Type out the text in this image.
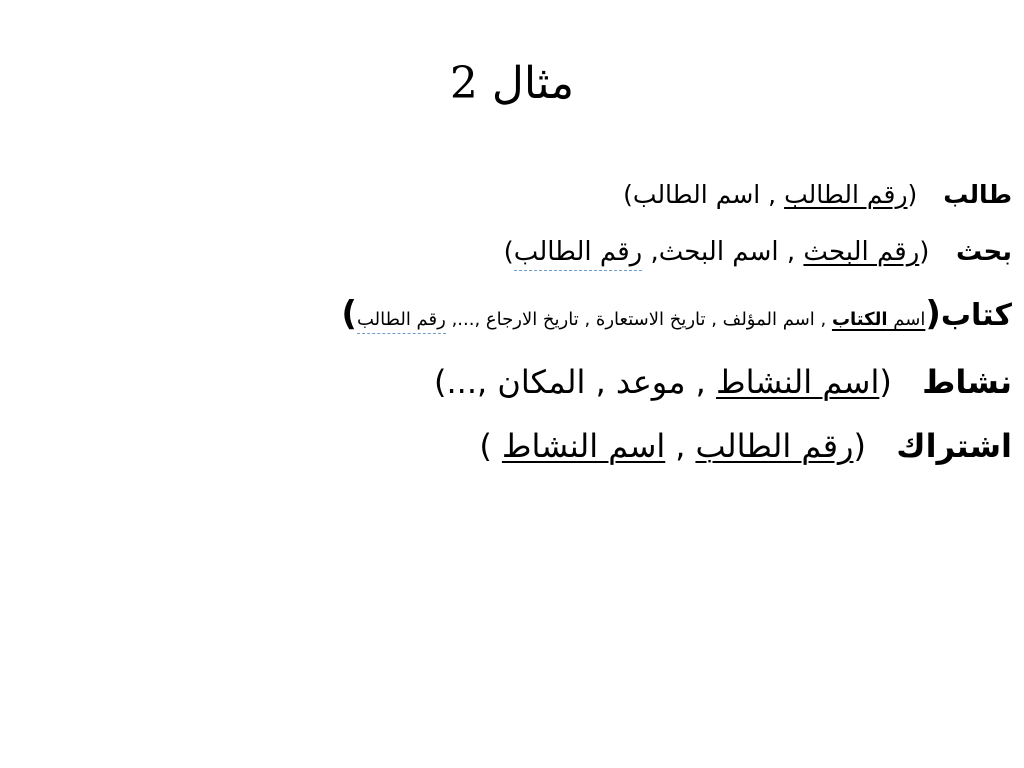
مثال 2
طالب  (رقم الطالب , اسم الطالب)
بحث  (رقم البحث , اسم البحث, رقم الطالب)
كتاب(اسم الكتاب , اسم المؤلف , تاريخ الاستعارة , تاريخ الارجاع ,..., رقم الطالب)
نشاط  (اسم النشاط , موعد , المكان ,...)
اشتراك  (رقم الطالب,اسم النشاط)
